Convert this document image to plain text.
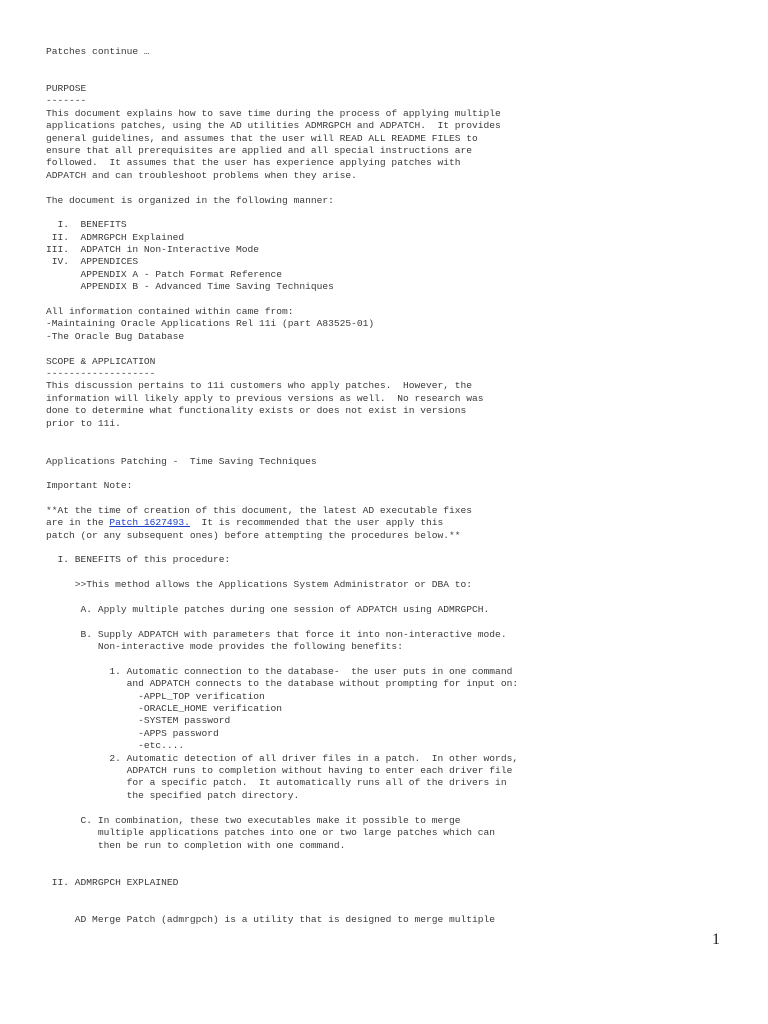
Patches continue …
PURPOSE
-------
This document explains how to save time during the process of applying multiple
applications patches, using the AD utilities ADMRGPCH and ADPATCH.  It provides
general guidelines, and assumes that the user will READ ALL README FILES to
ensure that all prerequisites are applied and all special instructions are
followed.  It assumes that the user has experience applying patches with
ADPATCH and can troubleshoot problems when they arise.
The document is organized in the following manner:
I.  BENEFITS
II.  ADMRGPCH Explained
III.  ADPATCH in Non-Interactive Mode
IV.  APPENDICES
APPENDIX A - Patch Format Reference
APPENDIX B - Advanced Time Saving Techniques
All information contained within came from:
-Maintaining Oracle Applications Rel 11i (part A83525-01)
-The Oracle Bug Database
SCOPE & APPLICATION
-------------------
This discussion pertains to 11i customers who apply patches.  However, the
information will likely apply to previous versions as well.  No research was
done to determine what functionality exists or does not exist in versions
prior to 11i.
Applications Patching -  Time Saving Techniques
Important Note:
**At the time of creation of this document, the latest AD executable fixes
are in the Patch 1627493.  It is recommended that the user apply this
patch (or any subsequent ones) before attempting the procedures below.**
I. BENEFITS of this procedure:
>>This method allows the Applications System Administrator or DBA to:
A. Apply multiple patches during one session of ADPATCH using ADMRGPCH.
B. Supply ADPATCH with parameters that force it into non-interactive mode.
Non-interactive mode provides the following benefits:
1. Automatic connection to the database-  the user puts in one command
and ADPATCH connects to the database without prompting for input on:
-APPL_TOP verification
-ORACLE_HOME verification
-SYSTEM password
-APPS password
-etc....
2. Automatic detection of all driver files in a patch.  In other words,
ADPATCH runs to completion without having to enter each driver file
for a specific patch.  It automatically runs all of the drivers in
the specified patch directory.
C. In combination, these two executables make it possible to merge
multiple applications patches into one or two large patches which can
then be run to completion with one command.
II. ADMRGPCH EXPLAINED
AD Merge Patch (admrgpch) is a utility that is designed to merge multiple
1
